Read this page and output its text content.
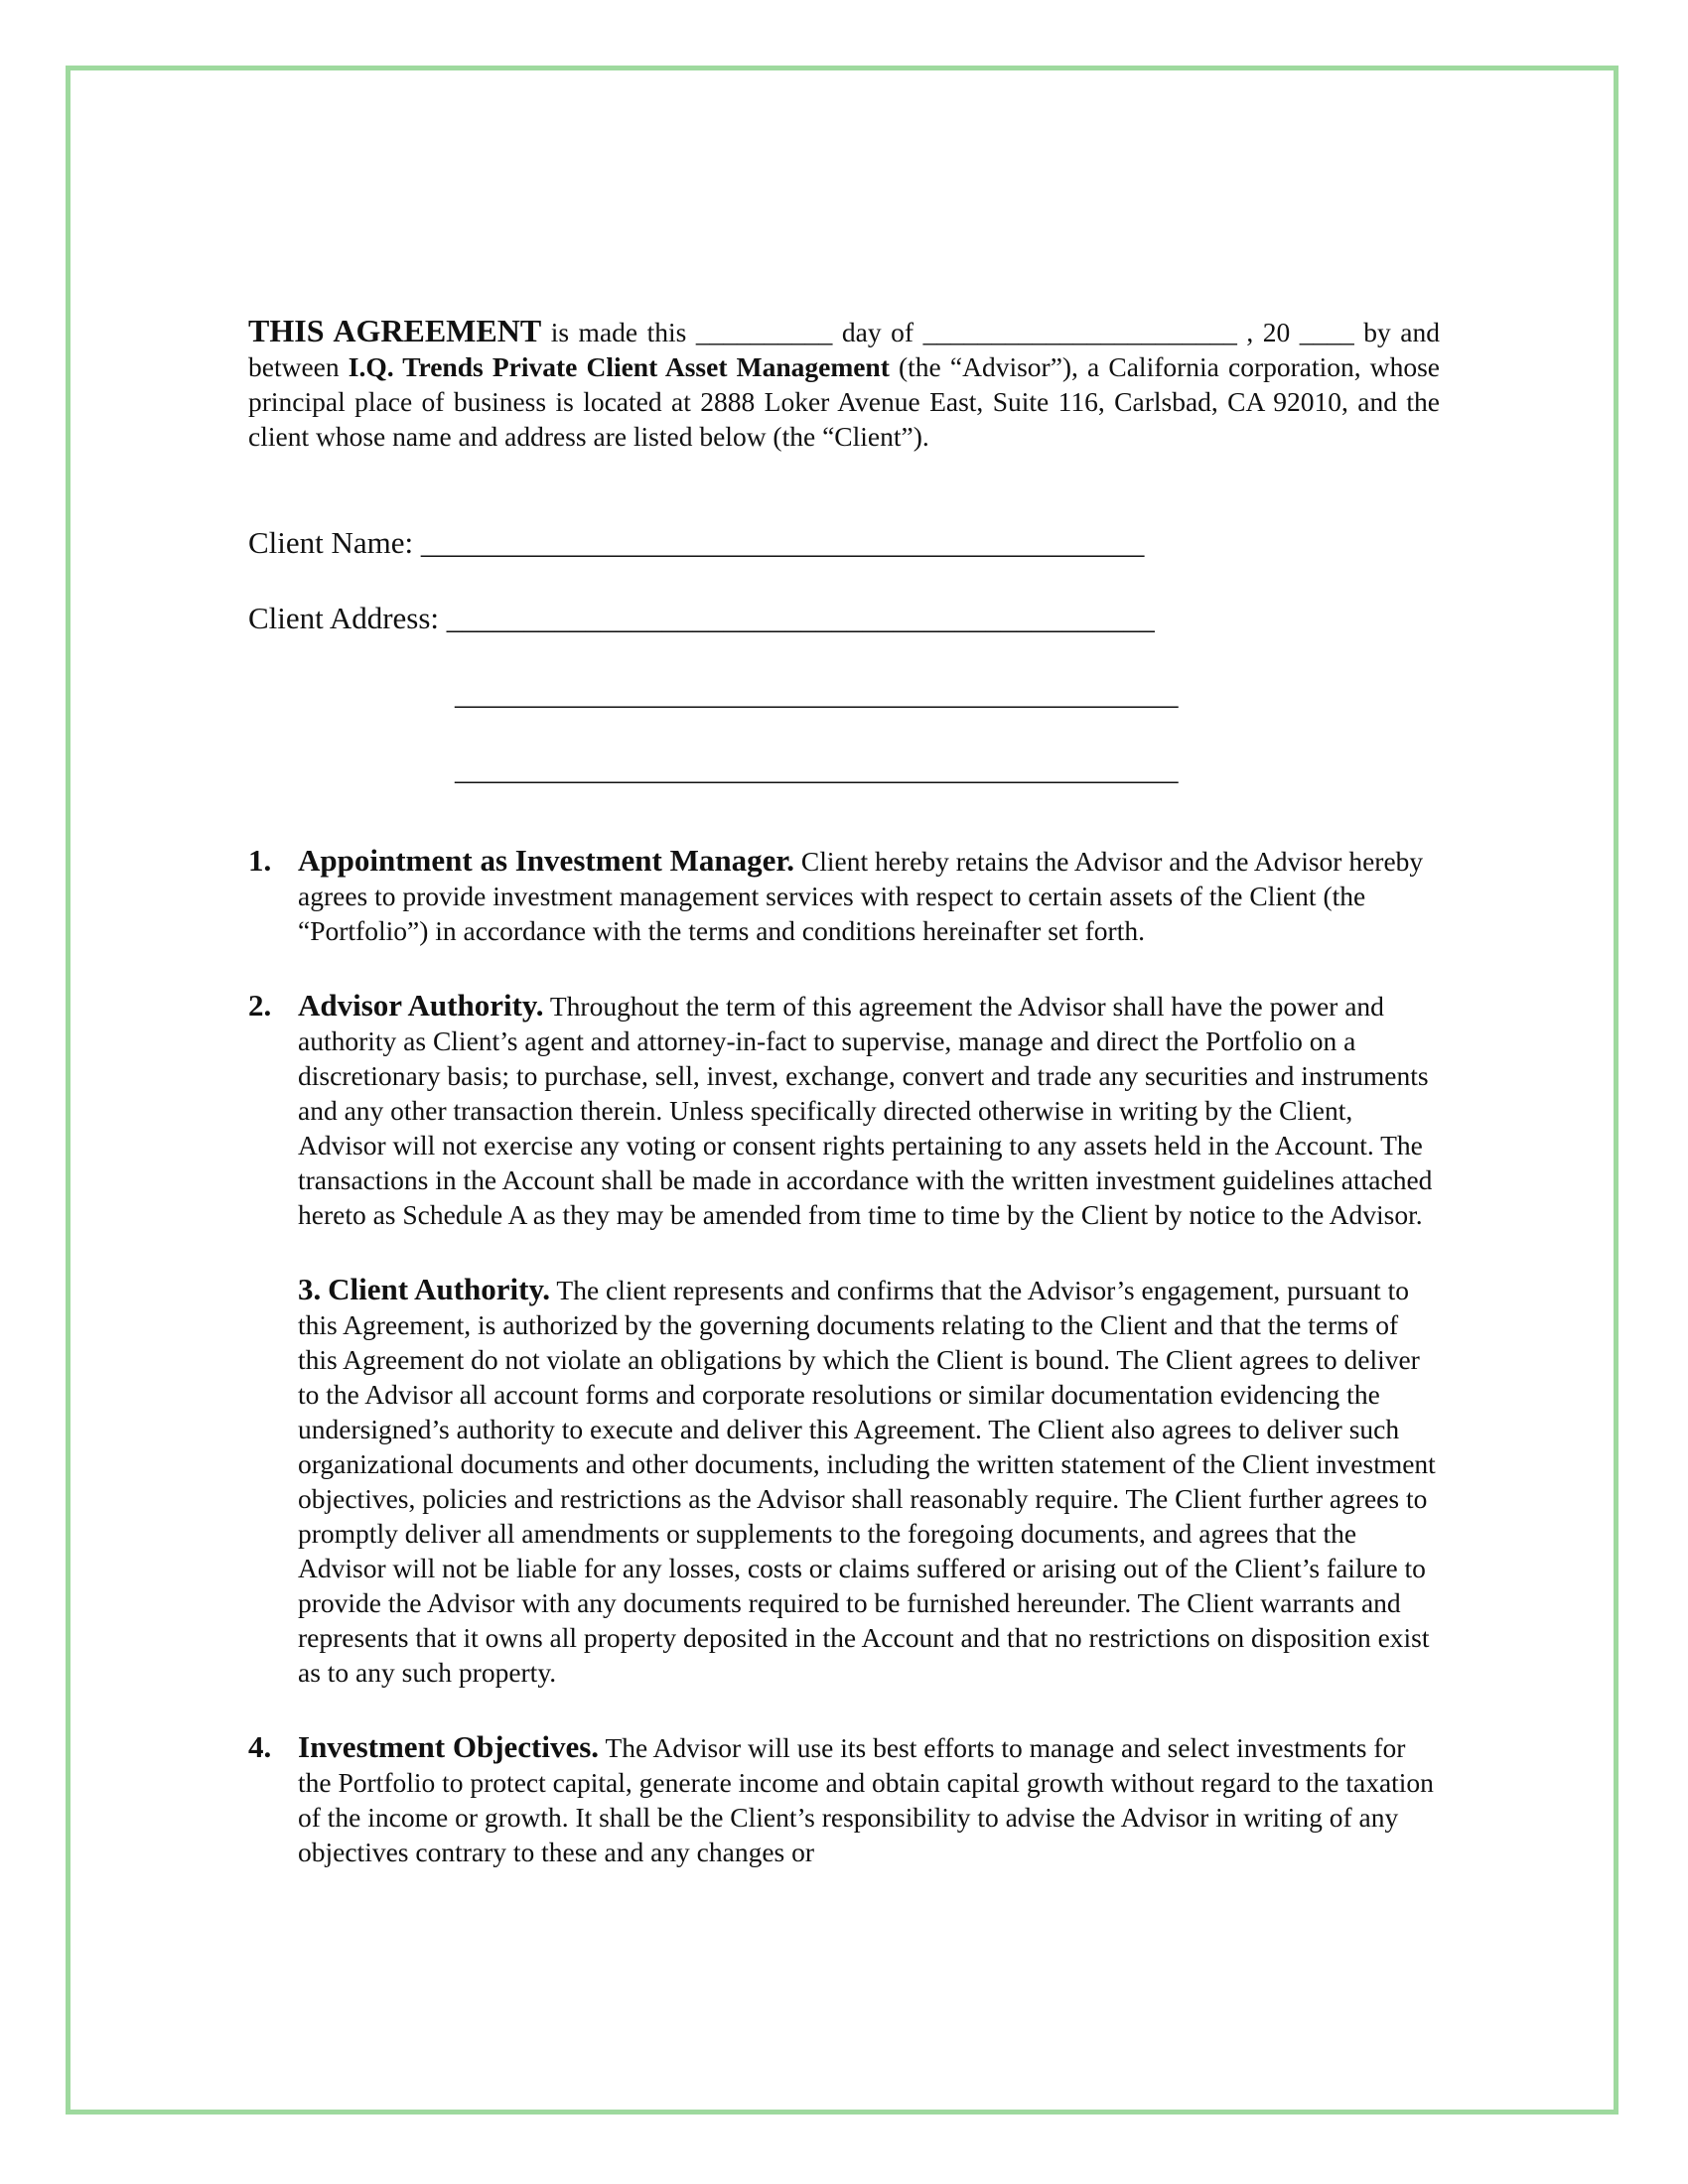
THIS AGREEMENT is made this __________ day of _______________________ , 20 ____ by and between I.Q. Trends Private Client Asset Management (the “Advisor”), a California corporation, whose principal place of business is located at 2888 Loker Avenue East, Suite 116, Carlsbad, CA 92010, and the client whose name and address are listed below (the “Client”).

Client Name: _______________________________________________
Client Address: ______________________________________________
_______________________________________________
_______________________________________________
1. Appointment as Investment Manager. Client hereby retains the Advisor and the Advisor hereby agrees to provide investment management services with respect to certain assets of the Client (the “Portfolio”) in accordance with the terms and conditions hereinafter set forth.

2. Advisor Authority. Throughout the term of this agreement the Advisor shall have the power and authority as Client’s agent and attorney-in-fact to supervise, manage and direct the Portfolio on a discretionary basis; to purchase, sell, invest, exchange, convert and trade any securities and instruments and any other transaction therein. Unless specifically directed otherwise in writing by the Client, Advisor will not exercise any voting or consent rights pertaining to any assets held in the Account. The transactions in the Account shall be made in accordance with the written investment guidelines attached hereto as Schedule A as they may be amended from time to time by the Client by notice to the Advisor.

3. Client Authority. The client represents and confirms that the Advisor’s engagement, pursuant to this Agreement, is authorized by the governing documents relating to the Client and that the terms of this Agreement do not violate an obligations by which the Client is bound. The Client agrees to deliver to the Advisor all account forms and corporate resolutions or similar documentation evidencing the undersigned’s authority to execute and deliver this Agreement. The Client also agrees to deliver such organizational documents and other documents, including the written statement of the Client investment objectives, policies and restrictions as the Advisor shall reasonably require. The Client further agrees to promptly deliver all amendments or supplements to the foregoing documents, and agrees that the Advisor will not be liable for any losses, costs or claims suffered or arising out of the Client’s failure to provide the Advisor with any documents required to be furnished hereunder. The Client warrants and represents that it owns all property deposited in the Account and that no restrictions on disposition exist as to any such property.

4. Investment Objectives. The Advisor will use its best efforts to manage and select investments for the Portfolio to protect capital, generate income and obtain capital growth without regard to the taxation of the income or growth. It shall be the Client’s responsibility to advise the Advisor in writing of any objectives contrary to these and any changes or
